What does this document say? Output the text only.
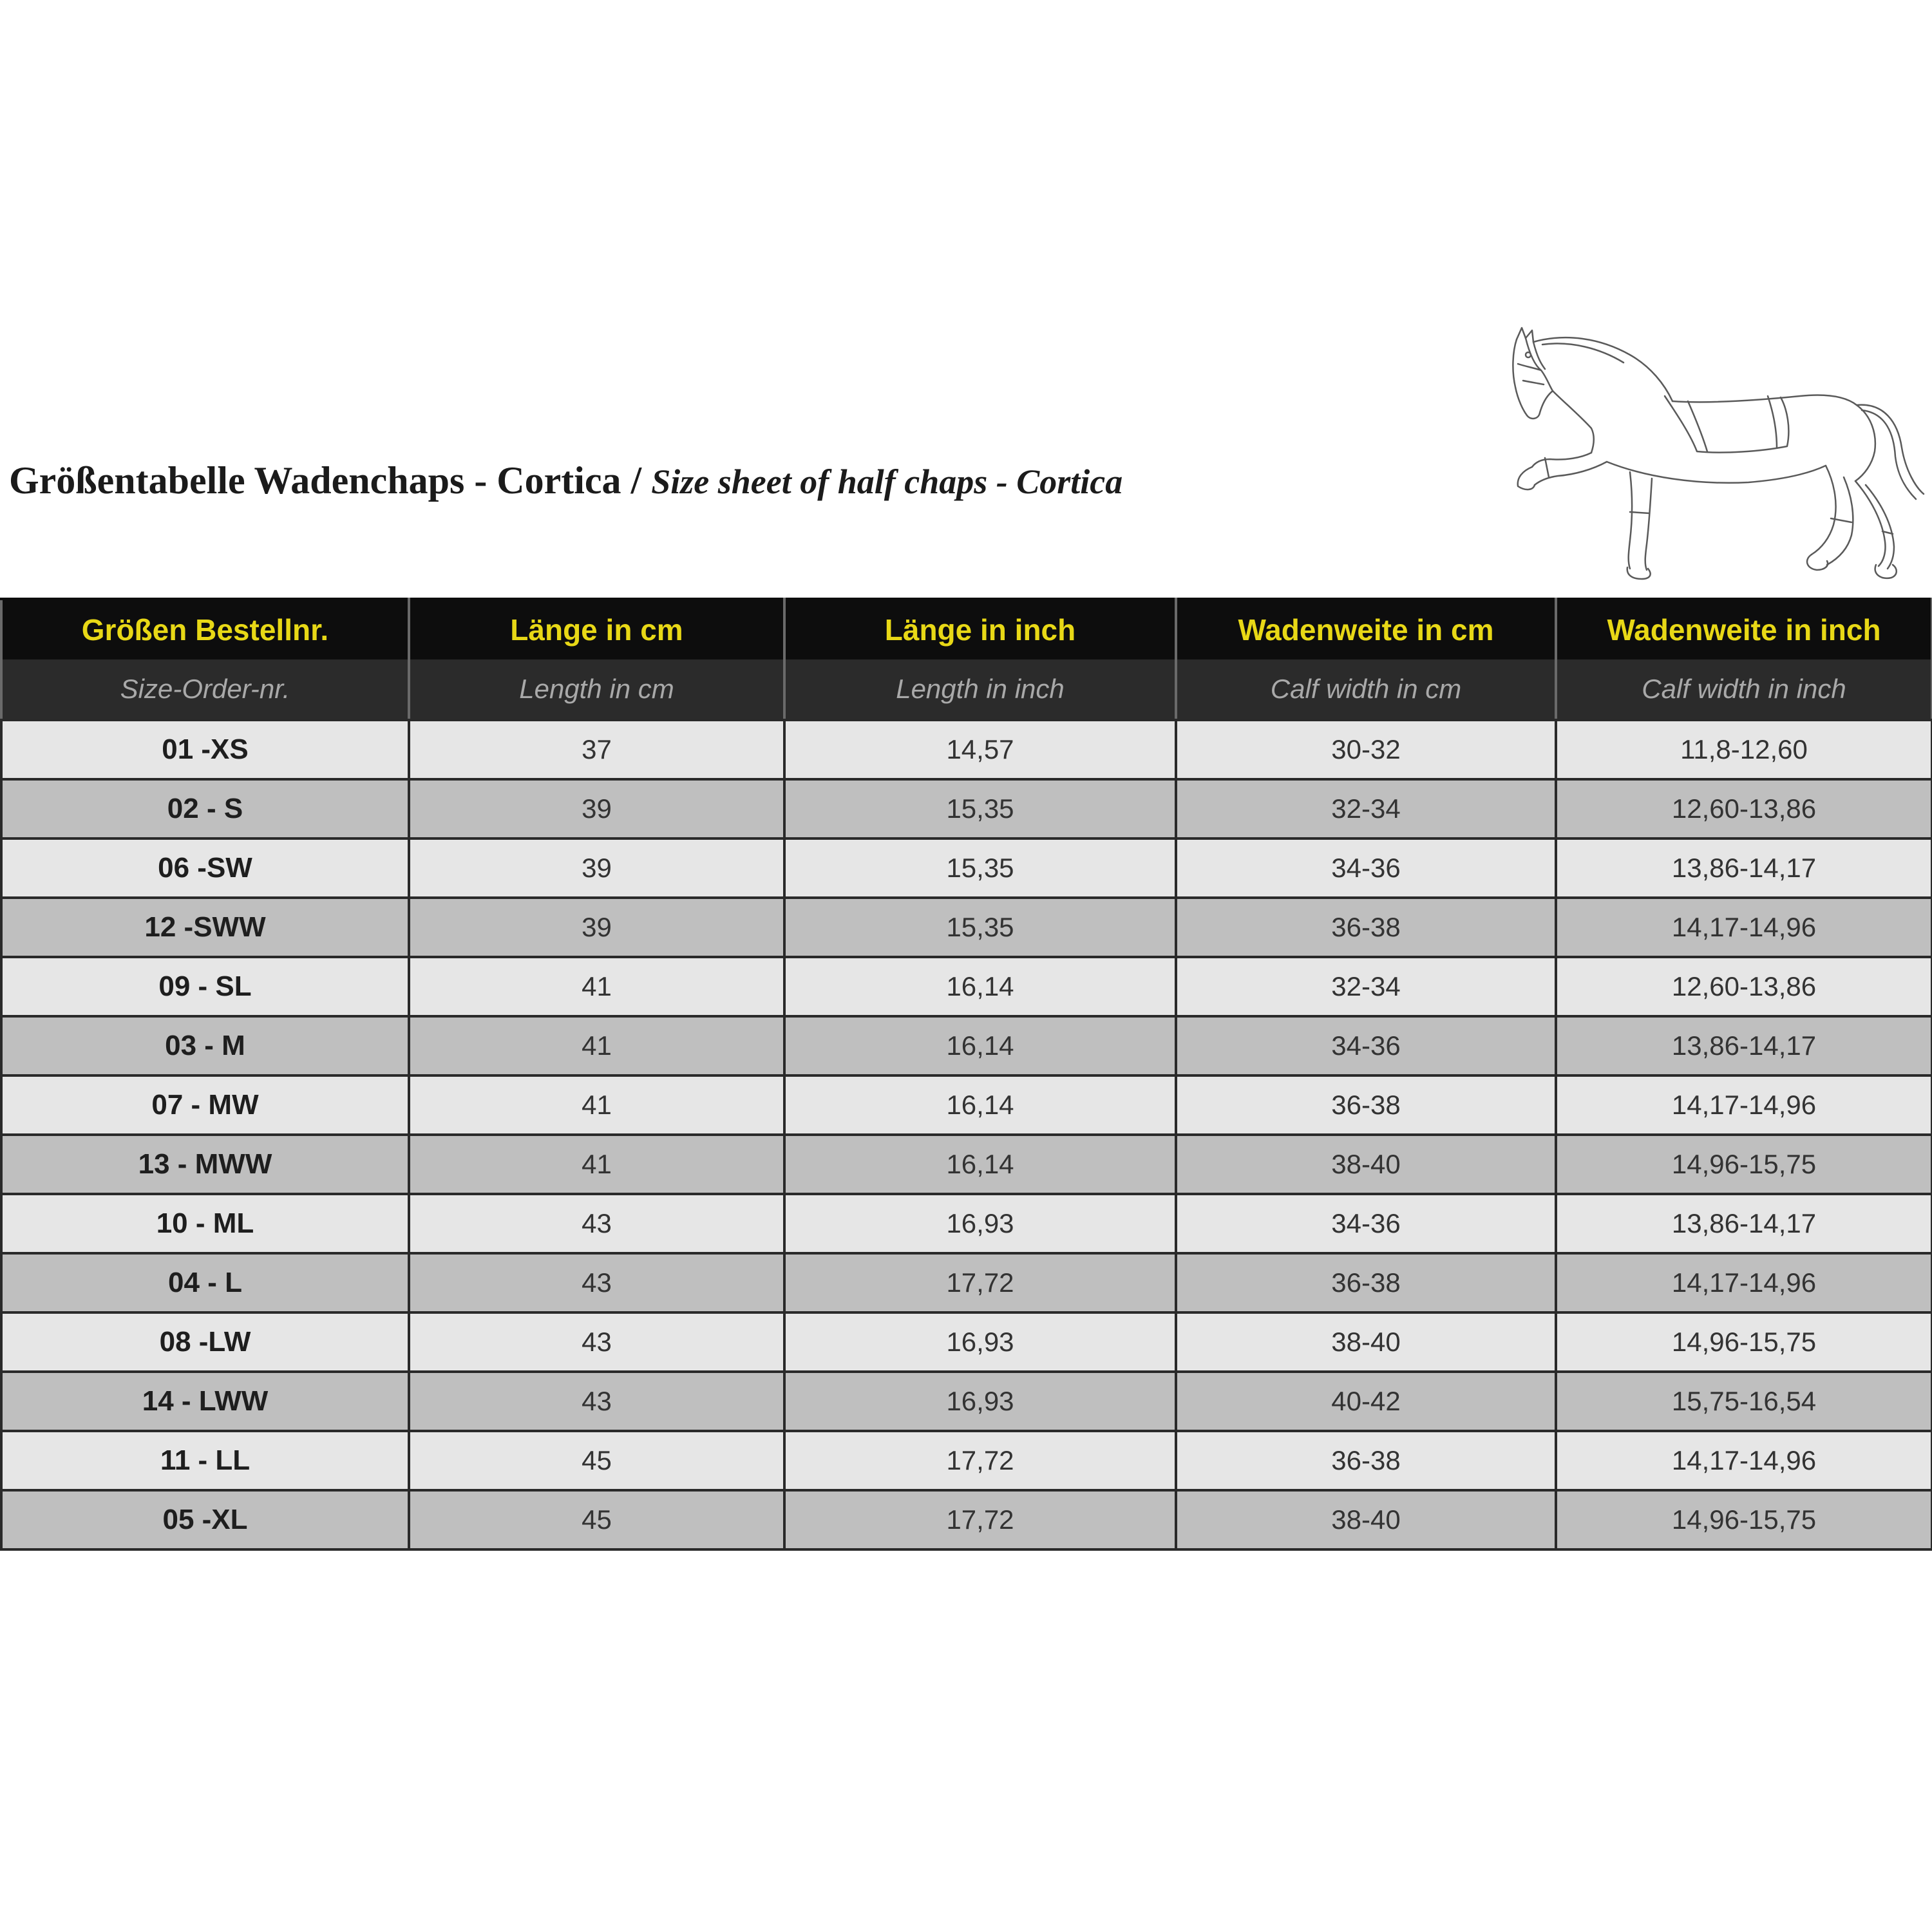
Größentabelle Wadenchaps - Cortica / Size sheet of half chaps - Cortica
Größen Bestellnr.	Länge in cm	Länge in inch	Wadenweite in cm	Wadenweite in inch
Size-Order-nr.	Length in cm	Length in inch	Calf width in cm	Calf width in inch
01 -XS	37	14,57	30-32	11,8-12,60
02 - S	39	15,35	32-34	12,60-13,86
06 -SW	39	15,35	34-36	13,86-14,17
12 -SWW	39	15,35	36-38	14,17-14,96
09 - SL	41	16,14	32-34	12,60-13,86
03 - M	41	16,14	34-36	13,86-14,17
07 - MW	41	16,14	36-38	14,17-14,96
13 - MWW	41	16,14	38-40	14,96-15,75
10 - ML	43	16,93	34-36	13,86-14,17
04 - L	43	17,72	36-38	14,17-14,96
08 -LW	43	16,93	38-40	14,96-15,75
14 - LWW	43	16,93	40-42	15,75-16,54
11 - LL	45	17,72	36-38	14,17-14,96
05 -XL	45	17,72	38-40	14,96-15,75
